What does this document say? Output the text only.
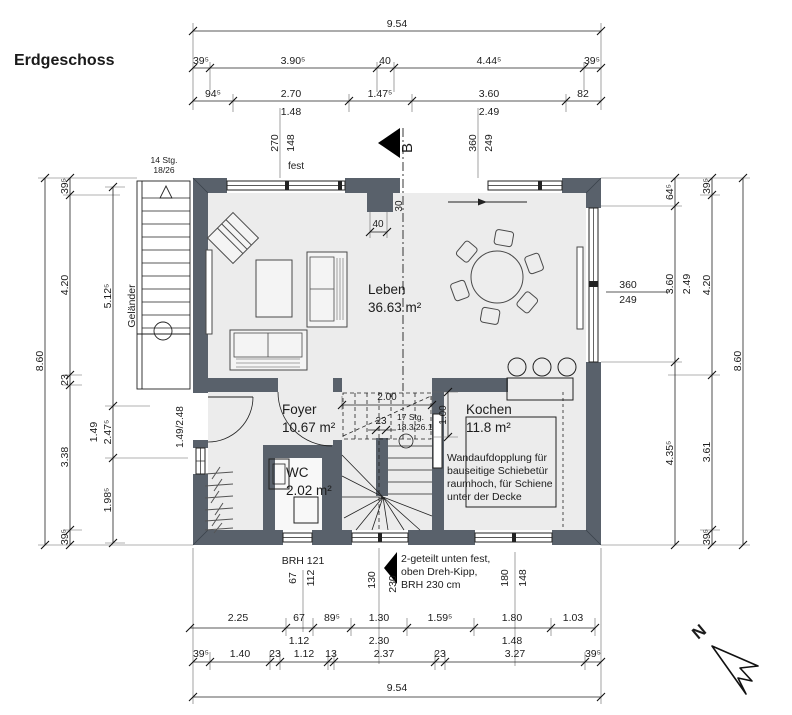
Erdgeschoss
9.54
39⁵	3.90⁵	40	4.44⁵	39⁵
94⁵	2.70	1.47⁵	3.60	82
1.48	2.49
270 148	360 249
8.60
39⁵
4.20
23
3.38
39⁵
5.12⁵
1.49 2.47⁵
1.98⁵
64⁵
3.60 2.49
4.35⁵
39⁵
4.20
3.61
39⁵
8.60
360
249
2.25	67 89⁵	1.30	1.59⁵	1.80	1.03
1.12	2.30	1.48
39⁵ 1.40 23 1.12 13	2.37	23	3.27	39⁵
9.54
67 112	130 230	180 148
BRH 121
2.00
23
40
30
1.00
1.49/2.48
Leben
36.63 m²
Kochen
11.8 m²
Foyer
10.67 m²
WC
2.02 m²
fest
Geländer
14 Stg.
18/26
17 Stg.
18.3/26.1
B
2-geteilt unten fest,
oben Dreh-Kipp,
BRH 230 cm
Wandaufdopplung für
bauseitige Schiebetür
raumhoch, für Schiene
unter der Decke
N
